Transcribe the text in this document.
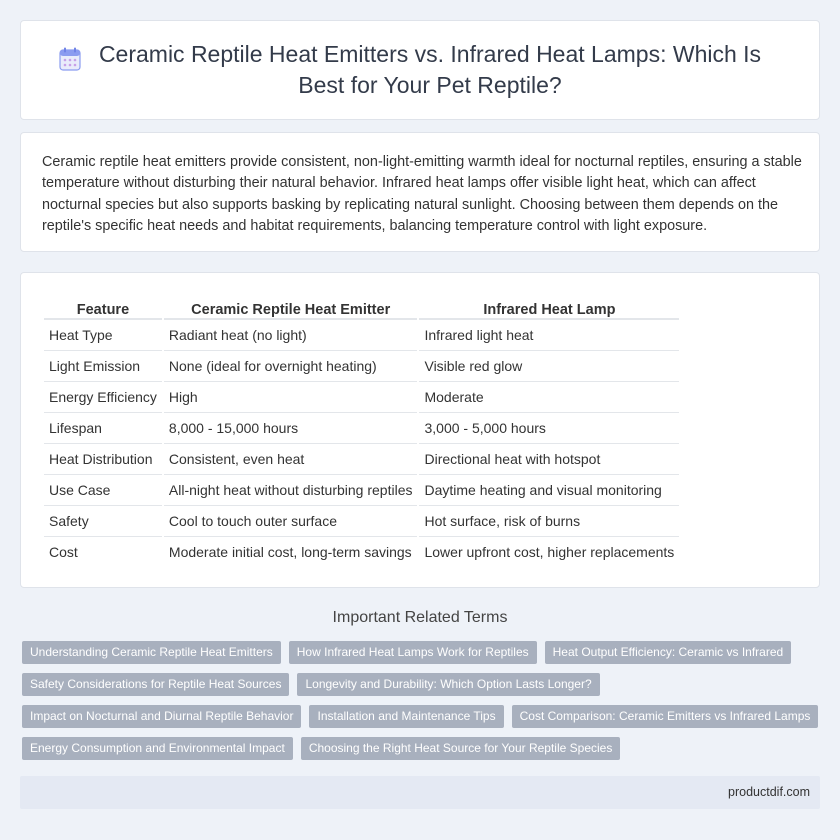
Ceramic Reptile Heat Emitters vs. Infrared Heat Lamps: Which Is Best for Your Pet Reptile?

Ceramic reptile heat emitters provide consistent, non-light-emitting warmth ideal for nocturnal reptiles, ensuring a stable temperature without disturbing their natural behavior. Infrared heat lamps offer visible light heat, which can affect nocturnal species but also supports basking by replicating natural sunlight. Choosing between them depends on the reptile's specific heat needs and habitat requirements, balancing temperature control with light exposure.

Feature	Ceramic Reptile Heat Emitter	Infrared Heat Lamp
Heat Type	Radiant heat (no light)	Infrared light heat
Light Emission	None (ideal for overnight heating)	Visible red glow
Energy Efficiency	High	Moderate
Lifespan	8,000 - 15,000 hours	3,000 - 5,000 hours
Heat Distribution	Consistent, even heat	Directional heat with hotspot
Use Case	All-night heat without disturbing reptiles	Daytime heating and visual monitoring
Safety	Cool to touch outer surface	Hot surface, risk of burns
Cost	Moderate initial cost, long-term savings	Lower upfront cost, higher replacements
Important Related Terms
Understanding Ceramic Reptile Heat Emitters	How Infrared Heat Lamps Work for Reptiles	Heat Output Efficiency: Ceramic vs Infrared
Safety Considerations for Reptile Heat Sources	Longevity and Durability: Which Option Lasts Longer?
Impact on Nocturnal and Diurnal Reptile Behavior	Installation and Maintenance Tips	Cost Comparison: Ceramic Emitters vs Infrared Lamps
Energy Consumption and Environmental Impact	Choosing the Right Heat Source for Your Reptile Species
productdif.com
